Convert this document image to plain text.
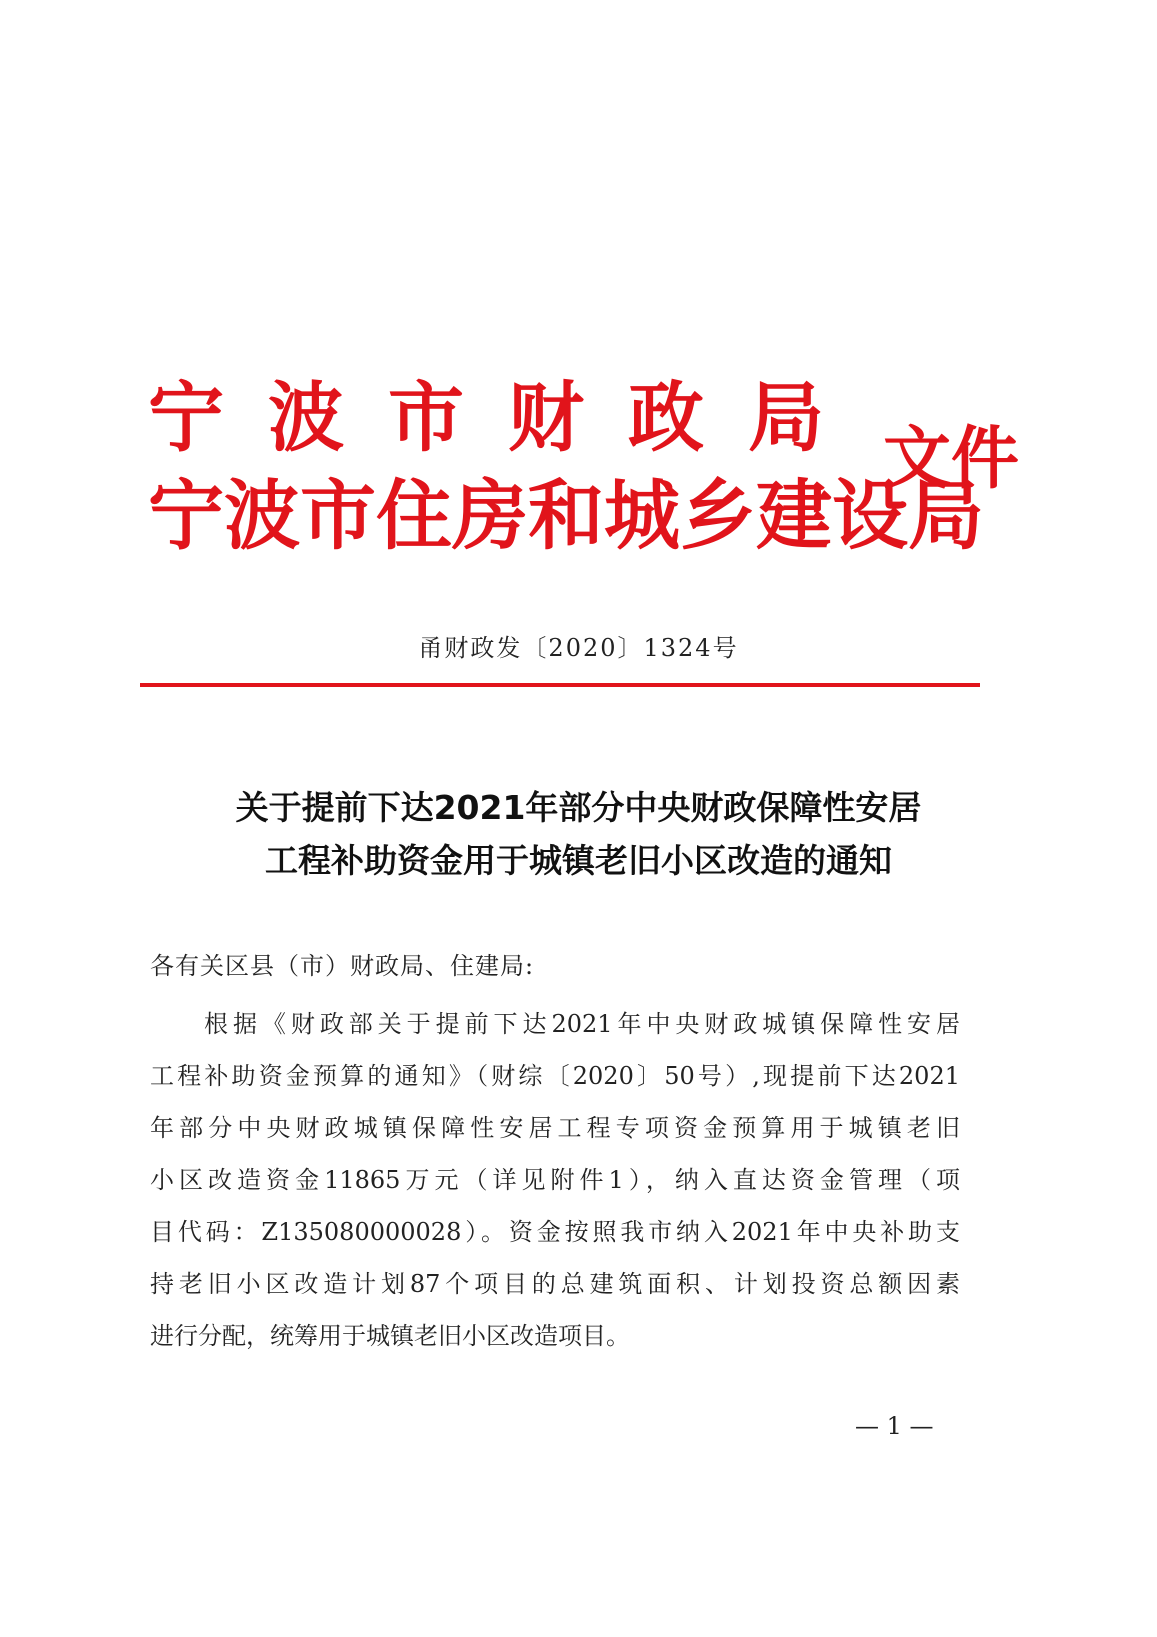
宁波市财政局
宁波市住房和城乡建设局
文件
甬财政发〔2020〕1324号
关于提前下达2021年部分中央财政保障性安居
工程补助资金用于城镇老旧小区改造的通知
各有关区县（市）财政局、住建局:
根据《财政部关于提前下达2021年中央财政城镇保障性安居
工程补助资金预算的通知》（财综〔2020〕50号）,现提前下达2021
年部分中央财政城镇保障性安居工程专项资金预算用于城镇老旧
小区改造资金11865万元（详见附件1），纳入直达资金管理（项
目代码：Z135080000028）。资金按照我市纳入2021年中央补助支
持老旧小区改造计划87个项目的总建筑面积、计划投资总额因素
进行分配，统筹用于城镇老旧小区改造项目。
— 1 —
